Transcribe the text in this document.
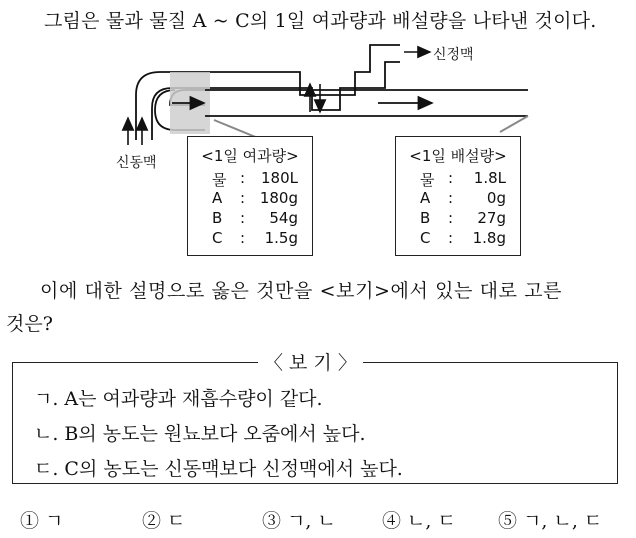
그림은 물과 물질 A ~ C의 1일 여과량과 배설량을 나타낸 것이다.
신정맥
신동맥	<1일 여과량>
물 : 180L
A : 180g
B : 54g
C : 1.5g
<1일 배설량>
물 : 1.8L
A : 0g
B : 27g
C : 1.8g
이에 대한 설명으로 옳은 것만을 <보기>에서 있는 대로 고른
것은?
〈 보 기 〉
ㄱ. A는 여과량과 재흡수량이 같다.
ㄴ. B의 농도는 원뇨보다 오줌에서 높다.
ㄷ. C의 농도는 신동맥보다 신정맥에서 높다.
① ㄱ	② ㄷ	③ ㄱ, ㄴ ④ ㄴ, ㄷ ⑤ ㄱ, ㄴ, ㄷ
